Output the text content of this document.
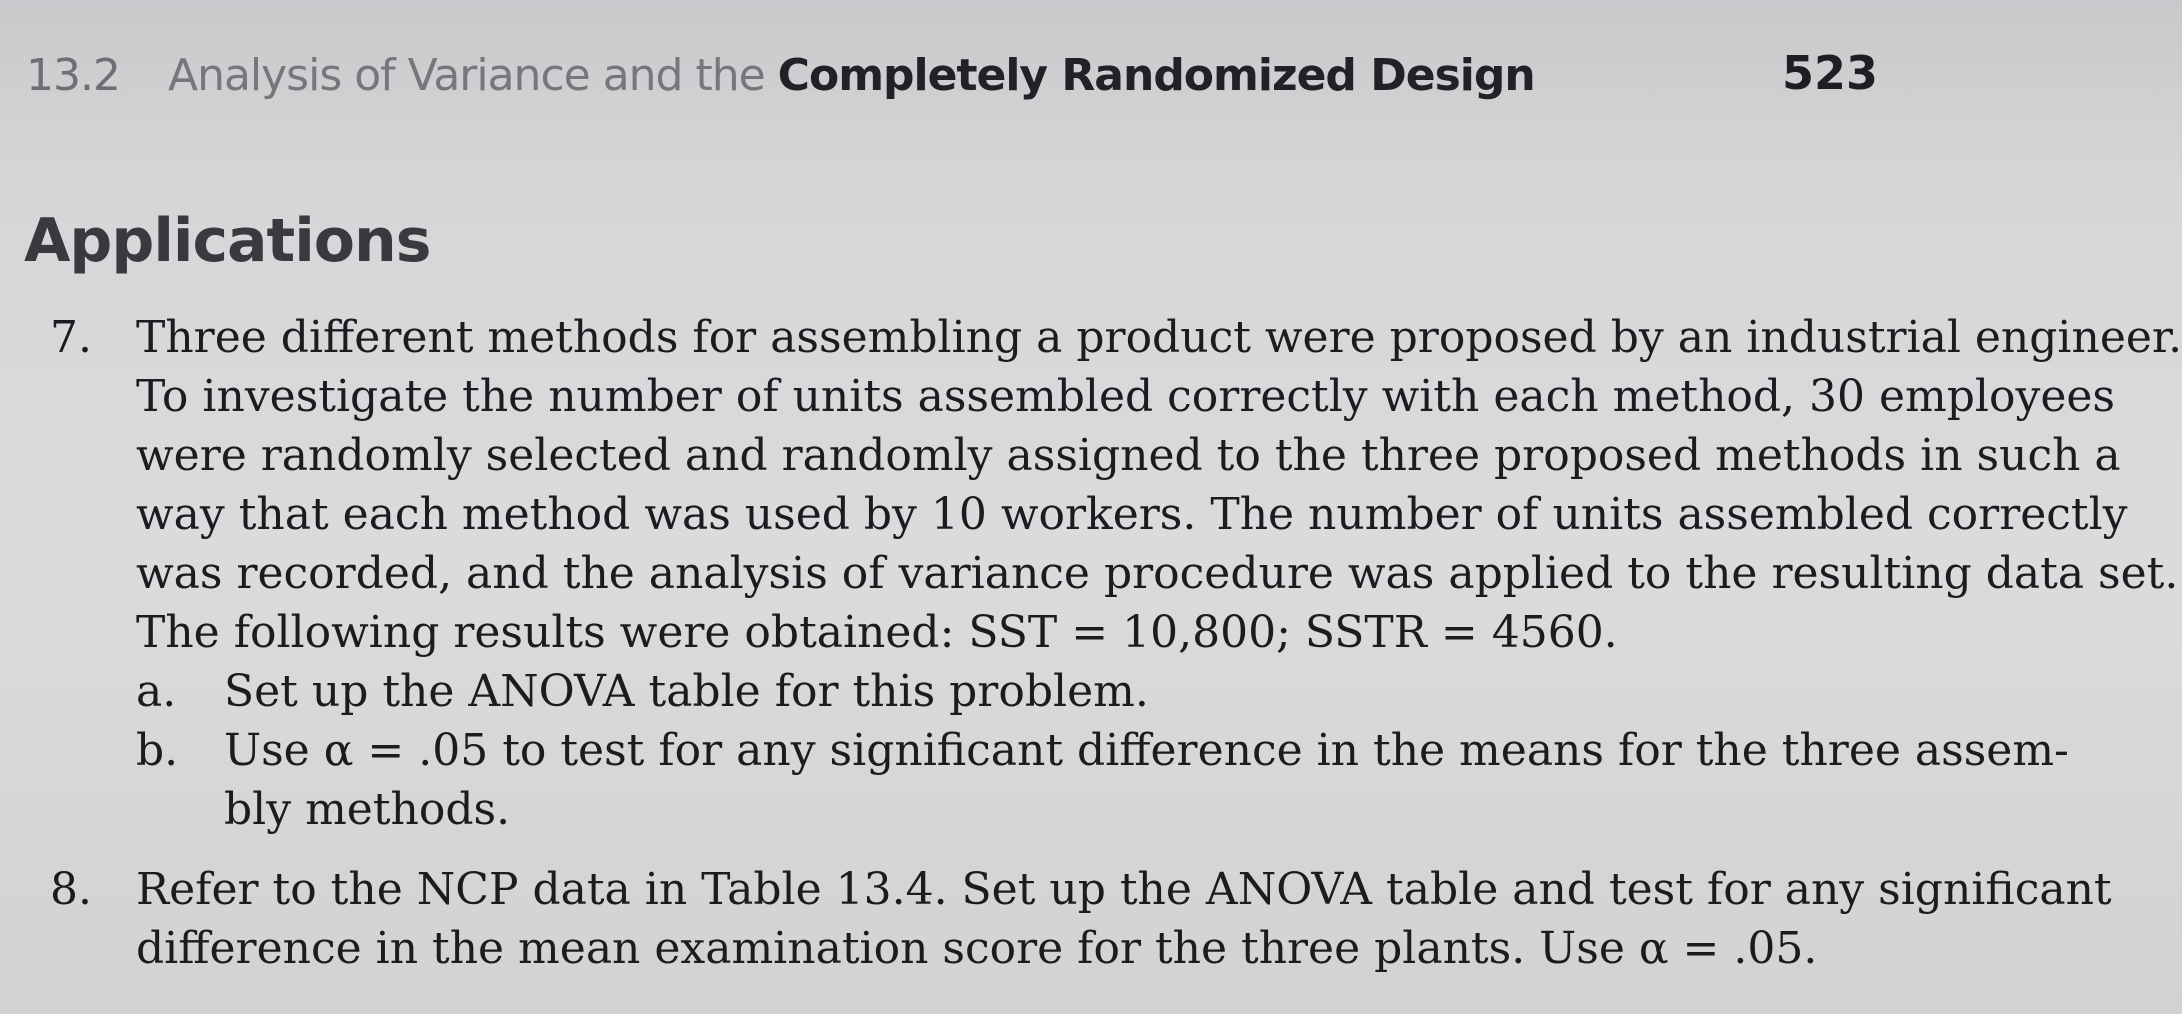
13.2 Analysis of Variance and the Completely Randomized Design	523
Applications
7.	Three different methods for assembling a product were proposed by an industrial engineer.
To investigate the number of units assembled correctly with each method, 30 employees
were randomly selected and randomly assigned to the three proposed methods in such a
way that each method was used by 10 workers. The number of units assembled correctly
was recorded, and the analysis of variance procedure was applied to the resulting data set.
The following results were obtained: SST = 10,800; SSTR = 4560.
a.	Set up the ANOVA table for this problem.
b.	Use α = .05 to test for any significant difference in the means for the three assem-
bly methods.
8.	Refer to the NCP data in Table 13.4. Set up the ANOVA table and test for any significant
difference in the mean examination score for the three plants. Use α = .05.
